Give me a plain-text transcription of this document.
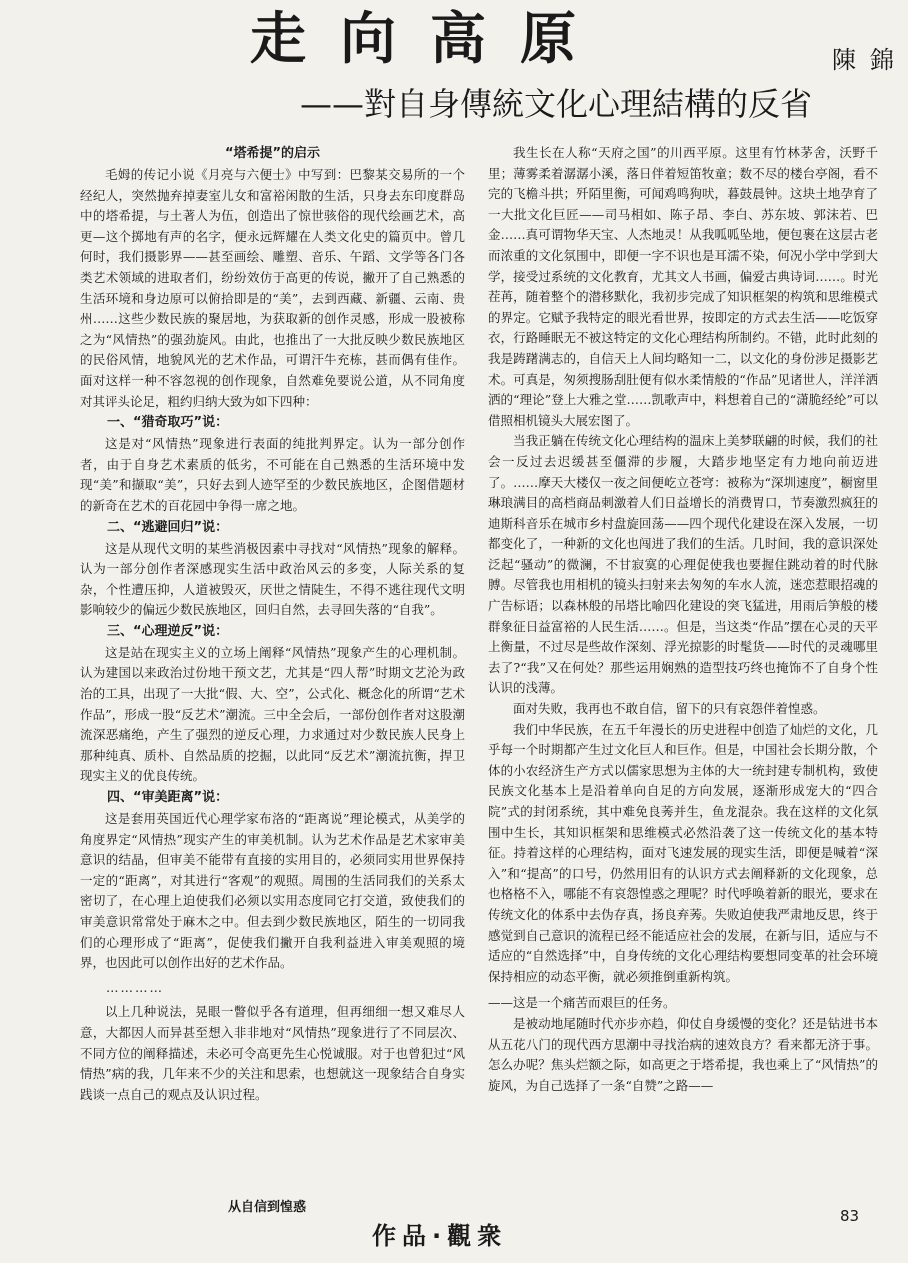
走向高原	陳錦
——對自身傳統文化心理結構的反省
“塔希提”的启示

毛姆的传记小说《月亮与六便士》中写到：巴黎某交易所的一个经纪人，突然抛弃掉妻室儿女和富裕闲散的生活，只身去东印度群岛中的塔希提，与土著人为伍，创造出了惊世骇俗的现代绘画艺术，高更—这个掷地有声的名字，便永远辉耀在人类文化史的篇页中。曾几何时，我们摄影界——甚至画绘、雕塑、音乐、午蹈、文学等各门各类艺术领域的进取者们，纷纷效仿于高更的传说，撇开了自己熟悉的生活环境和身边原可以俯拾即是的“美”，去到西藏、新疆、云南、贵州……这些少数民族的聚居地，为获取新的创作灵感，形成一股被称之为“风情热”的强劲旋风。由此，也推出了一大批反映少数民族地区的民俗风情，地貌风光的艺术作品，可谓汗牛充栋，甚而偶有佳作。面对这样一种不容忽视的创作现象，自然难免要说公道，从不同角度对其评头论足，粗约归纳大致为如下四种：

一、“猎奇取巧”说：

这是对“风情热”现象进行表面的纯批判界定。认为一部分创作者，由于自身艺术素质的低劣，不可能在自己熟悉的生活环境中发现“美”和撷取“美”，只好去到人迹罕至的少数民族地区，企图借题材的新奇在艺术的百花园中争得一席之地。

二、“逃避回归”说：

这是从现代文明的某些消极因素中寻找对“风情热”现象的解释。认为一部分创作者深感现实生活中政治风云的多变，人际关系的复杂，个性遭压抑，人道被毁灭，厌世之情陡生，不得不逃往现代文明影响较少的偏远少数民族地区，回归自然，去寻回失落的“自我”。

三、“心理逆反”说：

这是站在现实主义的立场上阐释“风情热”现象产生的心理机制。认为建国以来政治过份地干预文艺，尤其是“四人帮”时期文艺沦为政治的工具，出现了一大批“假、大、空”，公式化、概念化的所谓“艺术作品”，形成一股“反艺术”潮流。三中全会后，一部份创作者对这股潮流深恶痛绝，产生了强烈的逆反心理，力求通过对少数民族人民身上那种纯真、质朴、自然品质的挖掘，以此同“反艺术”潮流抗衡，捍卫现实主义的优良传统。

四、“审美距离”说：

这是套用英国近代心理学家布洛的“距离说”理论模式，从美学的角度界定“风情热”现实产生的审美机制。认为艺术作品是艺术家审美意识的结晶，但审美不能带有直接的实用目的，必须同实用世界保持一定的“距离”，对其进行“客观”的观照。周围的生活同我们的关系太密切了，在心理上迫使我们必须以实用态度同它打交道，致使我们的审美意识常常处于麻木之中。但去到少数民族地区，陌生的一切同我们的心理形成了“距离”，促使我们撇开自我利益进入审美观照的境界，也因此可以创作出好的艺术作品。

…………

以上几种说法，晃眼一瞥似乎各有道理，但再细细一想又难尽人意，大都因人而异甚至想入非非地对“风情热”现象进行了不同层次、不同方位的阐释描述，未必可令高更先生心悦诚服。对于也曾犯过“风情热”病的我，几年来不少的关注和思索，也想就这一现象结合自身实践谈一点自己的观点及认识过程。

从自信到惶惑

我生长在人称“天府之国”的川西平原。这里有竹林茅舍，沃野千里；薄雾柔着潺潺小溪，落日伴着短笛牧童；数不尽的楼台亭阁，看不完的飞檐斗拱；歼陌里衡，可闻鸡鸣狗吠，暮鼓晨钟。这块土地孕育了一大批文化巨匠——司马相如、陈子昂、李白、苏东坡、郭沫若、巴金……真可谓物华天宝、人杰地灵！从我呱呱坠地，便包裹在这层古老而浓重的文化氛围中，即便一字不识也是耳濡不染，何况小学中学到大学，接受过系统的文化教育，尤其文人书画，偏爱古典诗词……。时光茬苒，随着整个的潜移默化，我初步完成了知识框架的构筑和思维模式的界定。它赋予我特定的眼光看世界，按即定的方式去生活——吃饭穿衣，行路睡眠无不被这特定的文化心理结构所制约。不错，此时此刻的我是踌躇满志的，自信天上人间均略知一二，以文化的身份涉足摄影艺术。可真是，匆须搜肠刮肚便有似水柔情般的“作品”见诸世人，洋洋洒洒的“理论”登上大雅之堂……凯歌声中，料想着自己的“潇脆经纶”可以借照相机镜头大展宏图了。

当我正躺在传统文化心理结构的温床上美梦联翩的时候，我们的社会一反过去迟缓甚至僵滞的步履，大踏步地坚定有力地向前迈进了。……摩天大楼仅一夜之间便屹立苍穹：被称为“深圳速度”，橱窗里琳琅满目的高档商品刺激着人们日益增长的消费胃口，节奏激烈疯狂的迪斯科音乐在城市乡村盘旋回荡——四个现代化建设在深入发展，一切都变化了，一种新的文化也闯进了我们的生活。几时间，我的意识深处泛起“骚动”的微澜，不甘寂寞的心理促使我也要握住跳动着的时代脉膊。尽管我也用相机的镜头扫射来去匆匆的车水人流，迷恋惹眼招魂的广告标语；以森林般的吊塔比喻四化建设的突飞猛进，用雨后笋般的楼群象征日益富裕的人民生活……。但是，当这类“作品”摆在心灵的天平上衡量，不过尽是些故作深刻、浮光掠影的时髦货——时代的灵魂哪里去了?“我”又在何处？那些运用娴熟的造型技巧终也掩饰不了自身个性认识的浅薄。

面对失败，我再也不敢自信，留下的只有哀怨伴着惶惑。

我们中华民族，在五千年漫长的历史进程中创造了灿烂的文化，几乎每一个时期都产生过文化巨人和巨作。但是，中国社会长期分散，个体的小农经济生产方式以儒家思想为主体的大一统封建专制机构，致使民族文化基本上是沿着单向自足的方向发展，逐渐形成宠大的“四合院”式的封闭系统，其中难免良莠并生，鱼龙混杂。我在这样的文化氛围中生长，其知识框架和思维模式必然沿袭了这一传统文化的基本特征。持着这样的心理结构，面对飞速发展的现实生活，即便是喊着“深入”和“提高”的口号，仍然用旧有的认识方式去阐释新的文化现象，总也格格不入，哪能不有哀怨惶惑之理呢？时代呼唤着新的眼光，要求在传统文化的体系中去伪存真，扬良弃莠。失败迫使我严肃地反思，终于感觉到自己意识的流程已经不能适应社会的发展，在新与旧，适应与不适应的“自然选择”中，自身传统的文化心理结构要想同变革的社会环境保持相应的动态平衡，就必须推倒重新构筑。

——这是一个痛苦而艰巨的任务。

是被动地尾随时代亦步亦趋，仰仗自身缓慢的变化？还是钻进书本从五花八门的现代西方思潮中寻找治病的速效良方？看来都无济于事。怎么办呢？焦头烂额之际，如高更之于塔希提，我也乘上了“风情热”的旋风，为自己选择了一条“自赞”之路——

作品·觀衆
83
